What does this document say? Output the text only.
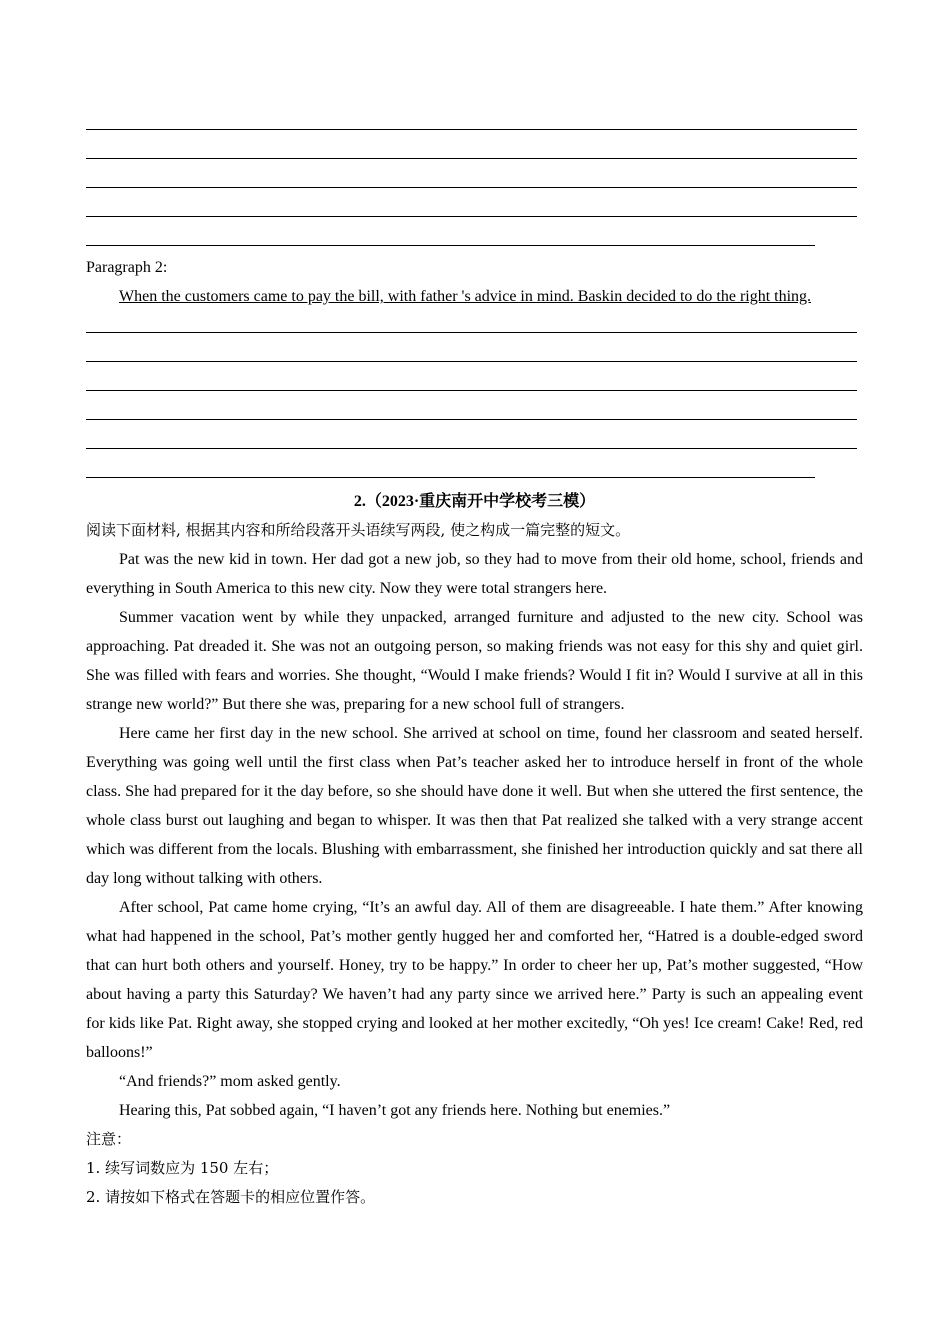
Paragraph 2:

When the customers came to pay the bill, with father 's advice in mind. Baskin decided to do the right thing.

2.（2023·重庆南开中学校考三模）

阅读下面材料, 根据其内容和所给段落开头语续写两段, 使之构成一篇完整的短文。

Pat was the new kid in town. Her dad got a new job, so they had to move from their old home, school, friends and everything in South America to this new city. Now they were total strangers here.

Summer vacation went by while they unpacked, arranged furniture and adjusted to the new city. School was approaching. Pat dreaded it. She was not an outgoing person, so making friends was not easy for this shy and quiet girl. She was filled with fears and worries. She thought, “Would I make friends? Would I fit in? Would I survive at all in this strange new world?” But there she was, preparing for a new school full of strangers.

Here came her first day in the new school. She arrived at school on time, found her classroom and seated herself. Everything was going well until the first class when Pat’s teacher asked her to introduce herself in front of the whole class. She had prepared for it the day before, so she should have done it well. But when she uttered the first sentence, the whole class burst out laughing and began to whisper. It was then that Pat realized she talked with a very strange accent which was different from the locals. Blushing with embarrassment, she finished her introduction quickly and sat there all day long without talking with others.

After school, Pat came home crying, “It’s an awful day. All of them are disagreeable. I hate them.” After knowing what had happened in the school, Pat’s mother gently hugged her and comforted her, “Hatred is a double-edged sword that can hurt both others and yourself. Honey, try to be happy.” In order to cheer her up, Pat’s mother suggested, “How about having a party this Saturday? We haven’t had any party since we arrived here.” Party is such an appealing event for kids like Pat. Right away, she stopped crying and looked at her mother excitedly, “Oh yes! Ice cream! Cake! Red, red balloons!”

“And friends?” mom asked gently.

Hearing this, Pat sobbed again, “I haven’t got any friends here. Nothing but enemies.”

注意：

1. 续写词数应为 150 左右；

2. 请按如下格式在答题卡的相应位置作答。
